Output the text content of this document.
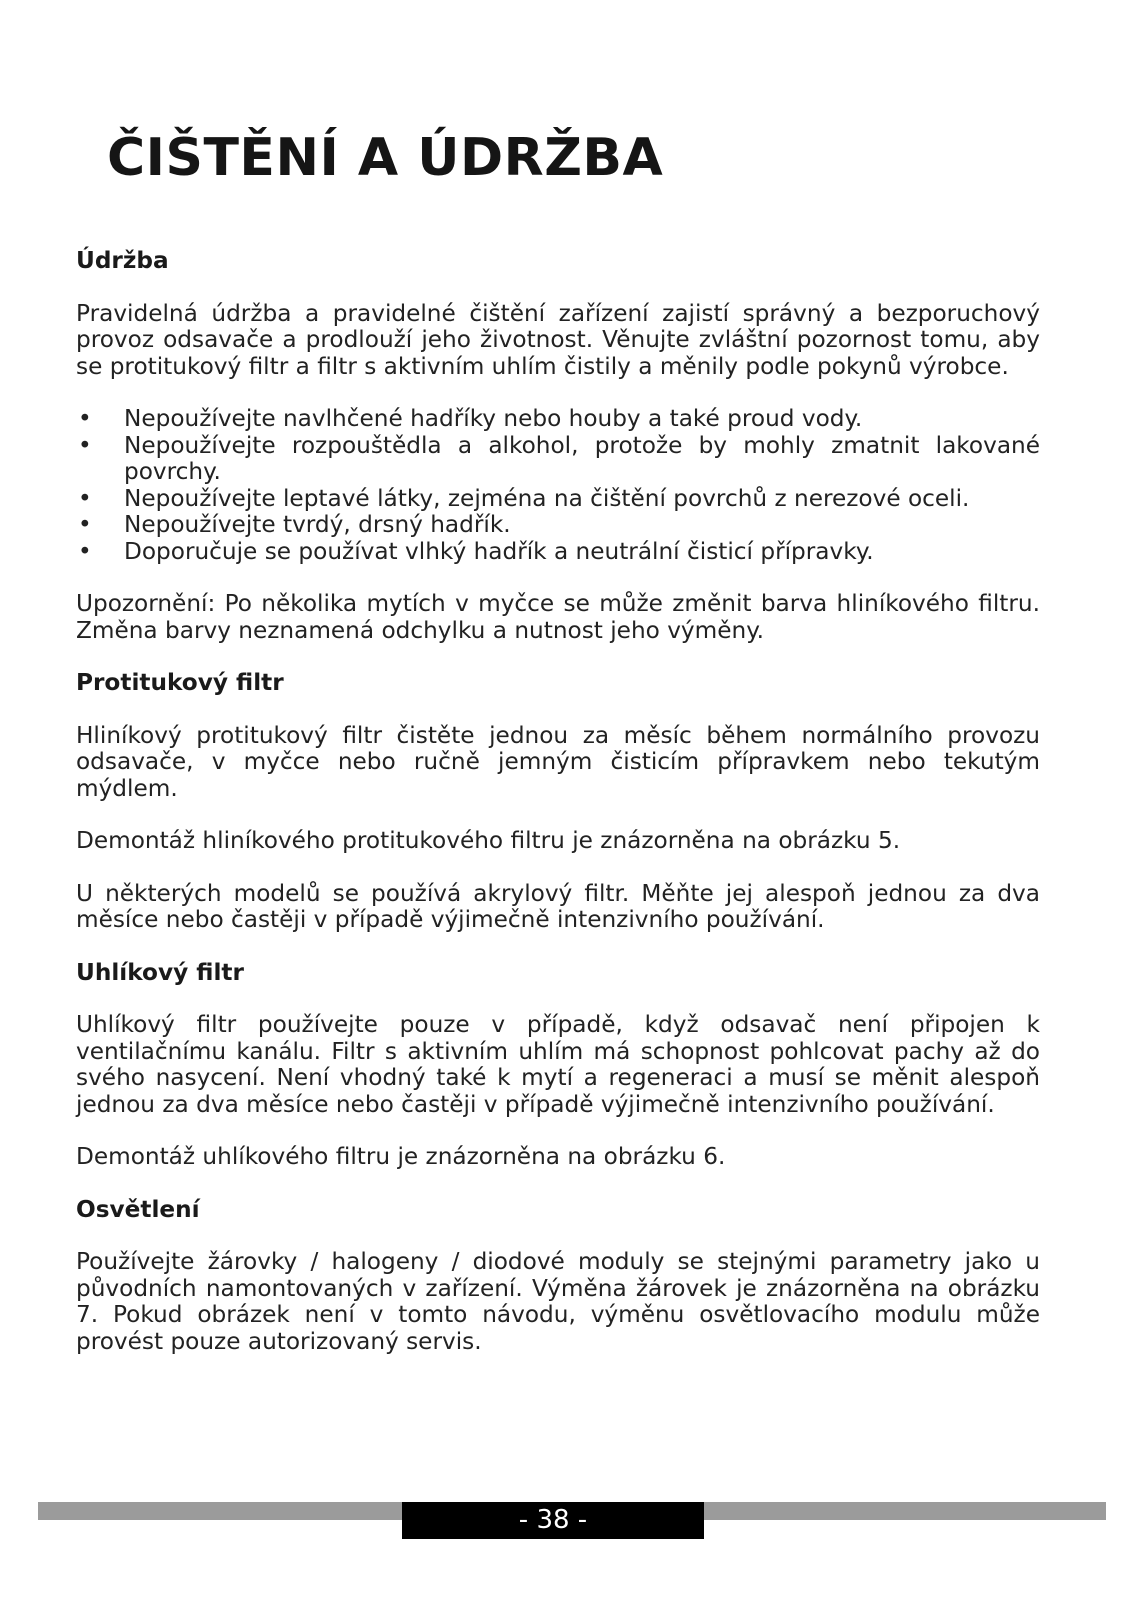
ČIŠTĚNÍ A ÚDRŽBA
Údržba

Pravidelná údržba a pravidelné čištění zařízení zajistí správný a bezporuchový provoz odsavače a prodlouží jeho životnost. Věnujte zvláštní pozornost tomu, aby se protitukový filtr a filtr s aktivním uhlím čistily a měnily podle pokynů výrobce.

• Nepoužívejte navlhčené hadříky nebo houby a také proud vody.
• Nepoužívejte rozpouštědla a alkohol, protože by mohly zmatnit lakované povrchy.
• Nepoužívejte leptavé látky, zejména na čištění povrchů z nerezové oceli.
• Nepoužívejte tvrdý, drsný hadřík.
• Doporučuje se používat vlhký hadřík a neutrální čisticí přípravky.

Upozornění: Po několika mytích v myčce se může změnit barva hliníkového filtru. Změna barvy neznamená odchylku a nutnost jeho výměny.

Protitukový filtr

Hliníkový protitukový filtr čistěte jednou za měsíc během normálního provozu odsavače, v myčce nebo ručně jemným čisticím přípravkem nebo tekutým mýdlem.

Demontáž hliníkového protitukového filtru je znázorněna na obrázku 5.

U některých modelů se používá akrylový filtr. Měňte jej alespoň jednou za dva měsíce nebo častěji v případě výjimečně intenzivního používání.

Uhlíkový filtr

Uhlíkový filtr používejte pouze v případě, když odsavač není připojen k ventilačnímu kanálu. Filtr s aktivním uhlím má schopnost pohlcovat pachy až do svého nasycení. Není vhodný také k mytí a regeneraci a musí se měnit alespoň jednou za dva měsíce nebo častěji v případě výjimečně intenzivního používání.

Demontáž uhlíkového filtru je znázorněna na obrázku 6.

Osvětlení

Používejte žárovky / halogeny / diodové moduly se stejnými parametry jako u původních namontovaných v zařízení. Výměna žárovek je znázorněna na obrázku 7. Pokud obrázek není v tomto návodu, výměnu osvětlovacího modulu může provést pouze autorizovaný servis.

- 38 -
